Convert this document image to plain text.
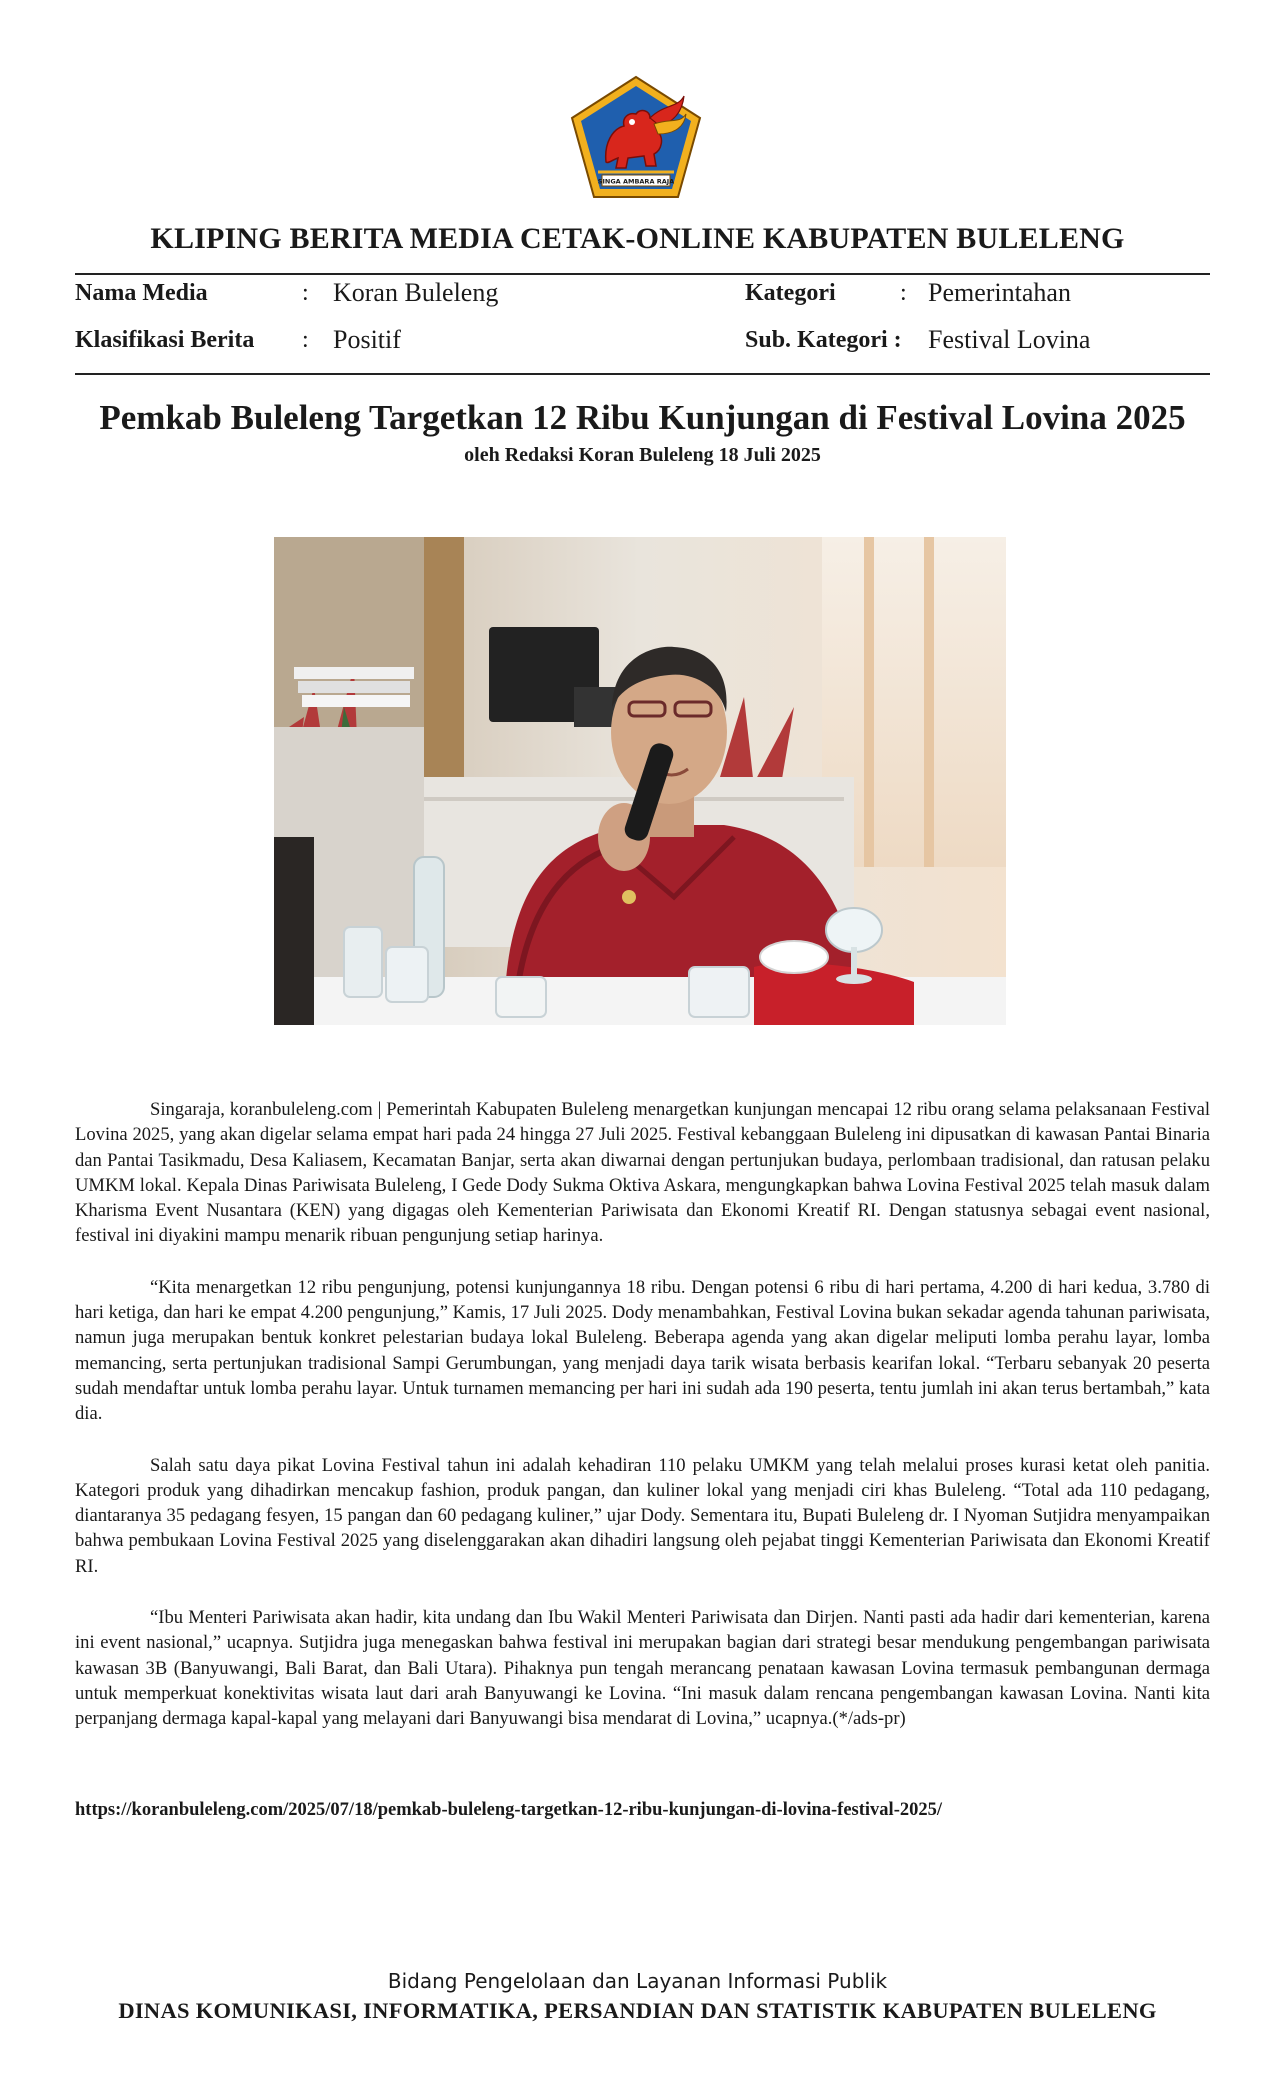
SINGA AMBARA RAJA
KLIPING BERITA MEDIA CETAK-ONLINE KABUPATEN BULELENG
Nama Media	: Koran Buleleng	Kategori	: Pemerintahan
Klasifikasi Berita : Positif	Sub. Kategori : Festival Lovina
Pemkab Buleleng Targetkan 12 Ribu Kunjungan di Festival Lovina 2025
oleh Redaksi Koran Buleleng 18 Juli 2025

Singaraja, koranbuleleng.com | Pemerintah Kabupaten Buleleng menargetkan kunjungan mencapai 12 ribu orang selama pelaksanaan Festival Lovina 2025, yang akan digelar selama empat hari pada 24 hingga 27 Juli 2025. Festival kebanggaan Buleleng ini dipusatkan di kawasan Pantai Binaria dan Pantai Tasikmadu, Desa Kaliasem, Kecamatan Banjar, serta akan diwarnai dengan pertunjukan budaya, perlombaan tradisional, dan ratusan pelaku UMKM lokal. Kepala Dinas Pariwisata Buleleng, I Gede Dody Sukma Oktiva Askara, mengungkapkan bahwa Lovina Festival 2025 telah masuk dalam Kharisma Event Nusantara (KEN) yang digagas oleh Kementerian Pariwisata dan Ekonomi Kreatif RI. Dengan statusnya sebagai event nasional, festival ini diyakini mampu menarik ribuan pengunjung setiap harinya.

“Kita menargetkan 12 ribu pengunjung, potensi kunjungannya 18 ribu. Dengan potensi 6 ribu di hari pertama, 4.200 di hari kedua, 3.780 di hari ketiga, dan hari ke empat 4.200 pengunjung,” Kamis, 17 Juli 2025. Dody menambahkan, Festival Lovina bukan sekadar agenda tahunan pariwisata, namun juga merupakan bentuk konkret pelestarian budaya lokal Buleleng. Beberapa agenda yang akan digelar meliputi lomba perahu layar, lomba memancing, serta pertunjukan tradisional Sampi Gerumbungan, yang menjadi daya tarik wisata berbasis kearifan lokal. “Terbaru sebanyak 20 peserta sudah mendaftar untuk lomba perahu layar. Untuk turnamen memancing per hari ini sudah ada 190 peserta, tentu jumlah ini akan terus bertambah,” kata dia.

Salah satu daya pikat Lovina Festival tahun ini adalah kehadiran 110 pelaku UMKM yang telah melalui proses kurasi ketat oleh panitia. Kategori produk yang dihadirkan mencakup fashion, produk pangan, dan kuliner lokal yang menjadi ciri khas Buleleng. “Total ada 110 pedagang, diantaranya 35 pedagang fesyen, 15 pangan dan 60 pedagang kuliner,” ujar Dody. Sementara itu, Bupati Buleleng dr. I Nyoman Sutjidra menyampaikan bahwa pembukaan Lovina Festival 2025 yang diselenggarakan akan dihadiri langsung oleh pejabat tinggi Kementerian Pariwisata dan Ekonomi Kreatif RI.

“Ibu Menteri Pariwisata akan hadir, kita undang dan Ibu Wakil Menteri Pariwisata dan Dirjen. Nanti pasti ada hadir dari kementerian, karena ini event nasional,” ucapnya. Sutjidra juga menegaskan bahwa festival ini merupakan bagian dari strategi besar mendukung pengembangan pariwisata kawasan 3B (Banyuwangi, Bali Barat, dan Bali Utara). Pihaknya pun tengah merancang penataan kawasan Lovina termasuk pembangunan dermaga untuk memperkuat konektivitas wisata laut dari arah Banyuwangi ke Lovina. “Ini masuk dalam rencana pengembangan kawasan Lovina. Nanti kita perpanjang dermaga kapal-kapal yang melayani dari Banyuwangi bisa mendarat di Lovina,” ucapnya.(*/ads-pr)

https://koranbuleleng.com/2025/07/18/pemkab-buleleng-targetkan-12-ribu-kunjungan-di-lovina-festival-2025/
Bidang Pengelolaan dan Layanan Informasi Publik
DINAS KOMUNIKASI, INFORMATIKA, PERSANDIAN DAN STATISTIK KABUPATEN BULELENG
